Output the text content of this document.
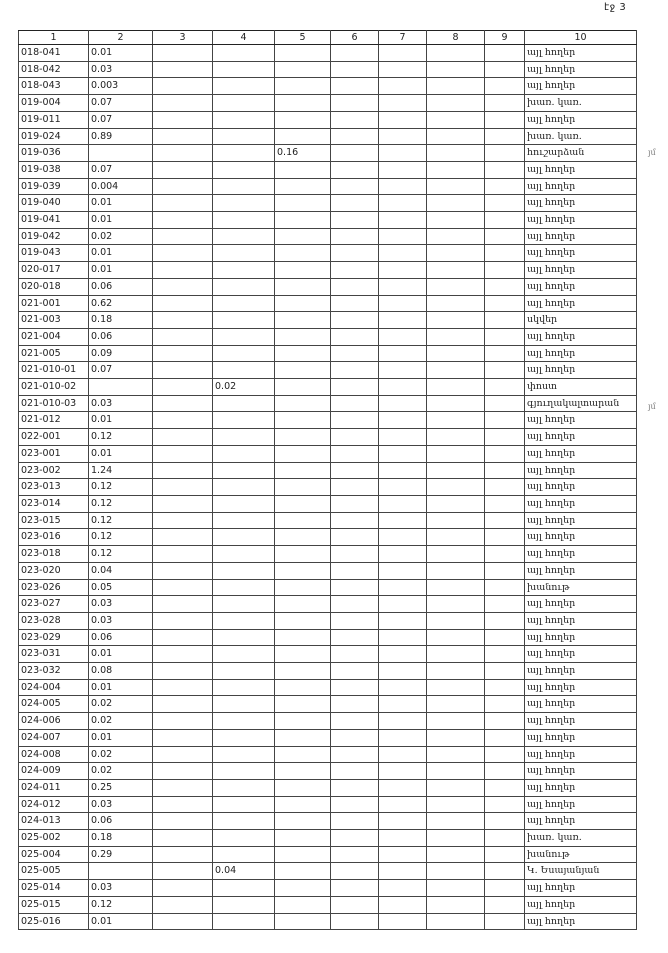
էջ 3
յմ
յմ
1	2	3	4	5	6	7	8	9	10
018-041	0.01								այլ հողեր
018-042	0.03								այլ հողեր
018-043	0.003								այլ հողեր
019-004	0.07								խառ. կառ.
019-011	0.07								այլ հողեր
019-024	0.89								խառ. կառ.
019-036				0.16					հուշարձան
019-038	0.07								այլ հողեր
019-039	0.004								այլ հողեր
019-040	0.01								այլ հողեր
019-041	0.01								այլ հողեր
019-042	0.02								այլ հողեր
019-043	0.01								այլ հողեր
020-017	0.01								այլ հողեր
020-018	0.06								այլ հողեր
021-001	0.62								այլ հողեր
021-003	0.18								սկվեր
021-004	0.06								այլ հողեր
021-005	0.09								այլ հողեր
021-010-01	0.07								այլ հողեր
021-010-02			0.02						փոստ
021-010-03	0.03								գյուղակալտարան
021-012	0.01								այլ հողեր
022-001	0.12								այլ հողեր
023-001	0.01								այլ հողեր
023-002	1.24								այլ հողեր
023-013	0.12								այլ հողեր
023-014	0.12								այլ հողեր
023-015	0.12								այլ հողեր
023-016	0.12								այլ հողեր
023-018	0.12								այլ հողեր
023-020	0.04								այլ հողեր
023-026	0.05								խանութ
023-027	0.03								այլ հողեր
023-028	0.03								այլ հողեր
023-029	0.06								այլ հողեր
023-031	0.01								այլ հողեր
023-032	0.08								այլ հողեր
024-004	0.01								այլ հողեր
024-005	0.02								այլ հողեր
024-006	0.02								այլ հողեր
024-007	0.01								այլ հողեր
024-008	0.02								այլ հողեր
024-009	0.02								այլ հողեր
024-011	0.25								այլ հողեր
024-012	0.03								այլ հողեր
024-013	0.06								այլ հողեր
025-002	0.18								խառ. կառ.
025-004	0.29								խանութ
025-005			0.04						Կ. Եսայանյան
025-014	0.03								այլ հողեր
025-015	0.12								այլ հողեր
025-016	0.01								այլ հողեր
